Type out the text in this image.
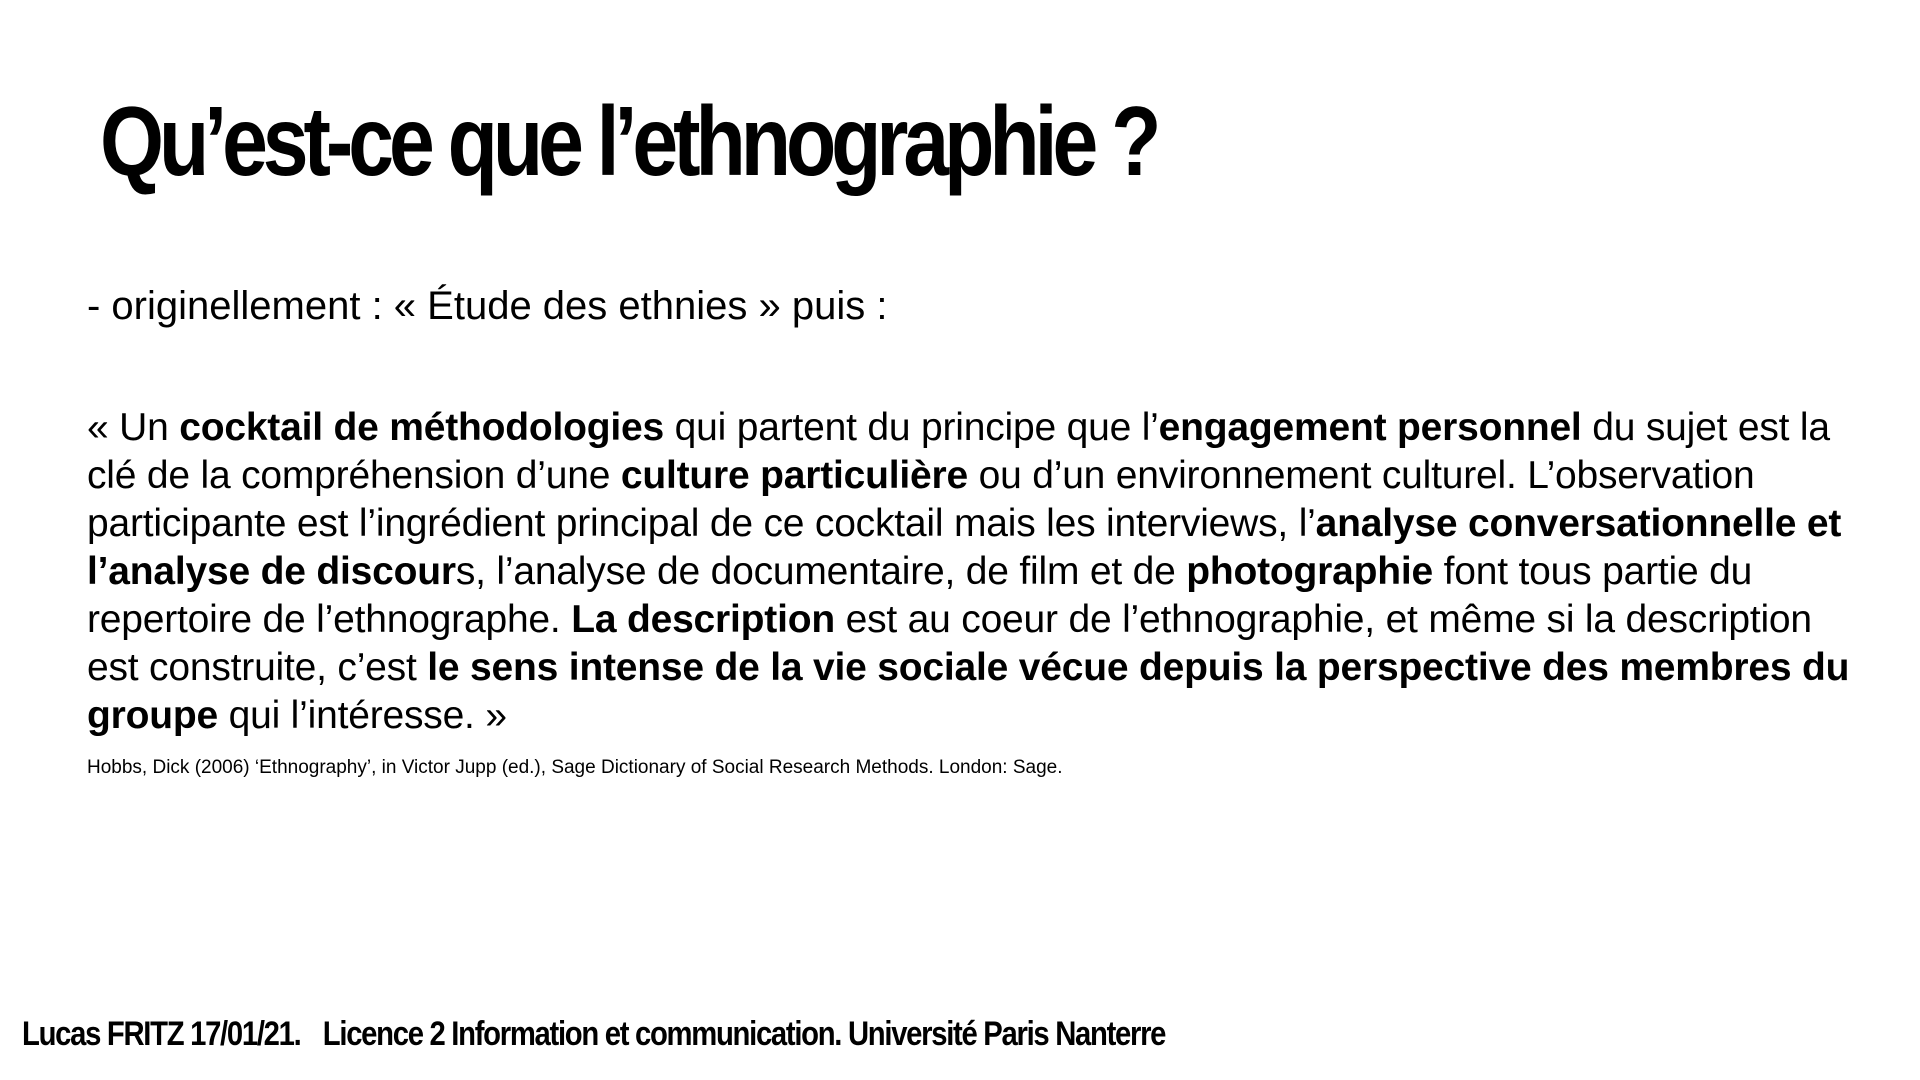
Qu’est-ce que l’ethnographie ?

- originellement : « Étude des ethnies » puis :

« Un cocktail de méthodologies qui partent du principe que l’engagement personnel du sujet est la clé de la compréhension d’une culture particulière ou d’un environnement culturel. L’observation participante est l’ingrédient principal de ce cocktail mais les interviews, l’analyse conversationnelle et l’analyse de discours, l’analyse de documentaire, de film et de photographie font tous partie du repertoire de l’ethnographe. La description est au coeur de l’ethnographie, et même si la description est construite, c’est le sens intense de la vie sociale vécue depuis la perspective des membres du groupe qui l’intéresse. »

Hobbs, Dick (2006) ‘Ethnography’, in Victor Jupp (ed.), Sage Dictionary of Social Research Methods. London: Sage.

Lucas FRITZ 17/01/21. Licence 2 Information et communication. Université Paris Nanterre
